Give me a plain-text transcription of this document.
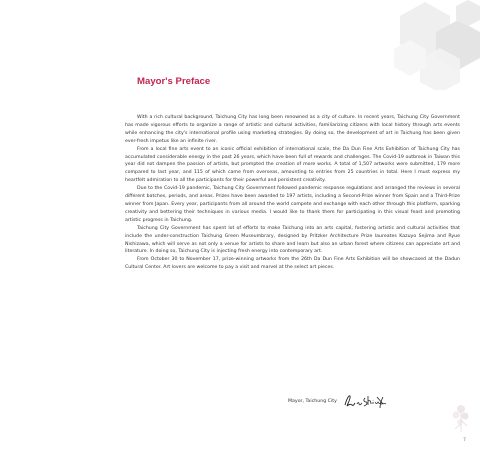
Mayor's Preface

With a rich cultural background, Taichung City has long been renowned as a city of culture. In recent years, Taichung City Government has made vigorous efforts to organize a range of artistic and cultural activities, familiarizing citizens with local history through arts events while enhancing the city's international profile using marketing strategies. By doing so, the development of art in Taichung has been given ever-fresh impetus like an infinite river.

From a local fine arts event to an iconic official exhibition of international scale, the Da Dun Fine Arts Exhibition of Taichung City has accumulated considerable energy in the past 26 years, which have been full of rewards and challenges. The Covid-19 outbreak in Taiwan this year did not dampen the passion of artists, but prompted the creation of more works. A total of 1,507 artworks were submitted, 179 more compared to last year, and 115 of which came from overseas, amounting to entries from 25 countries in total. Here I must express my heartfelt admiration to all the participants for their powerful and persistent creativity.

Due to the Covid-19 pandemic, Taichung City Government followed pandemic response regulations and arranged the reviews in several different batches, periods, and areas. Prizes have been awarded to 197 artists, including a Second-Prize winner from Spain and a Third-Prize winner from Japan. Every year, participants from all around the world compete and exchange with each other through this platform, sparking creativity and bettering their techniques in various media. I would like to thank them for participating in this visual feast and promoting artistic progress in Taichung.

Taichung City Government has spent lot of efforts to make Taichung into an arts capital, fostering artistic and cultural activities that include the under-construction Taichung Green Museumbrary, designed by Pritzker Architecture Prize laureates Kazuyo Sejima and Ryue Nishizawa, which will serve as not only a venue for artists to share and learn but also an urban forest where citizens can appreciate art and literature. In doing so, Taichung City is injecting fresh energy into contemporary art.

From October 30 to November 17, prize-winning artworks from the 26th Da Dun Fine Arts Exhibition will be showcased at the Dadun Cultural Center. Art lovers are welcome to pay a visit and marvel at the select art pieces.

Mayor, Taichung City
7
